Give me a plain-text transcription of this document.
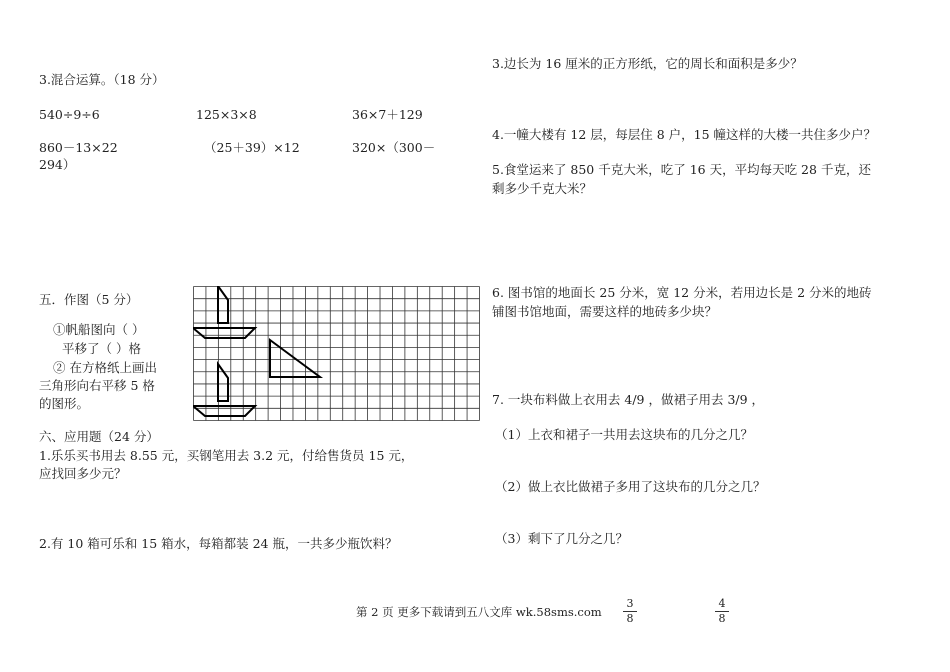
3.混合运算。（18 分）
540÷9÷6	125×3×8	36×7＋129
860－13×22	（25＋39）×12	320×（300－
294）
五．作图（5 分）
①帆船图向（ ）
平移了（ ）格
② 在方格纸上画出
三角形向右平移 5 格
的图形。
六、应用题（24 分）
1.乐乐买书用去 8.55 元，买钢笔用去 3.2 元，付给售货员 15 元，
应找回多少元？
2.有 10 箱可乐和 15 箱水，每箱都装 24 瓶，一共多少瓶饮料？
3.边长为 16 厘米的正方形纸，它的周长和面积是多少？
4.一幢大楼有 12 层，每层住 8 户，15 幢这样的大楼一共住多少户？
5.食堂运来了 850 千克大米，吃了 16 天，平均每天吃 28 千克，还
剩多少千克大米？
6. 图书馆的地面长 25 分米，宽 12 分米，若用边长是 2 分米的地砖
铺图书馆地面，需要这样的地砖多少块？
7. 一块布料做上衣用去 4/9 ，做裙子用去 3/9 ，
（1）上衣和裙子一共用去这块布的几分之几？
（2）做上衣比做裙子多用了这块布的几分之几？
（3）剩下了几分之几？
第 2 页 更多下载请到五八文库 wk.58sms.com
3
8
4
8
